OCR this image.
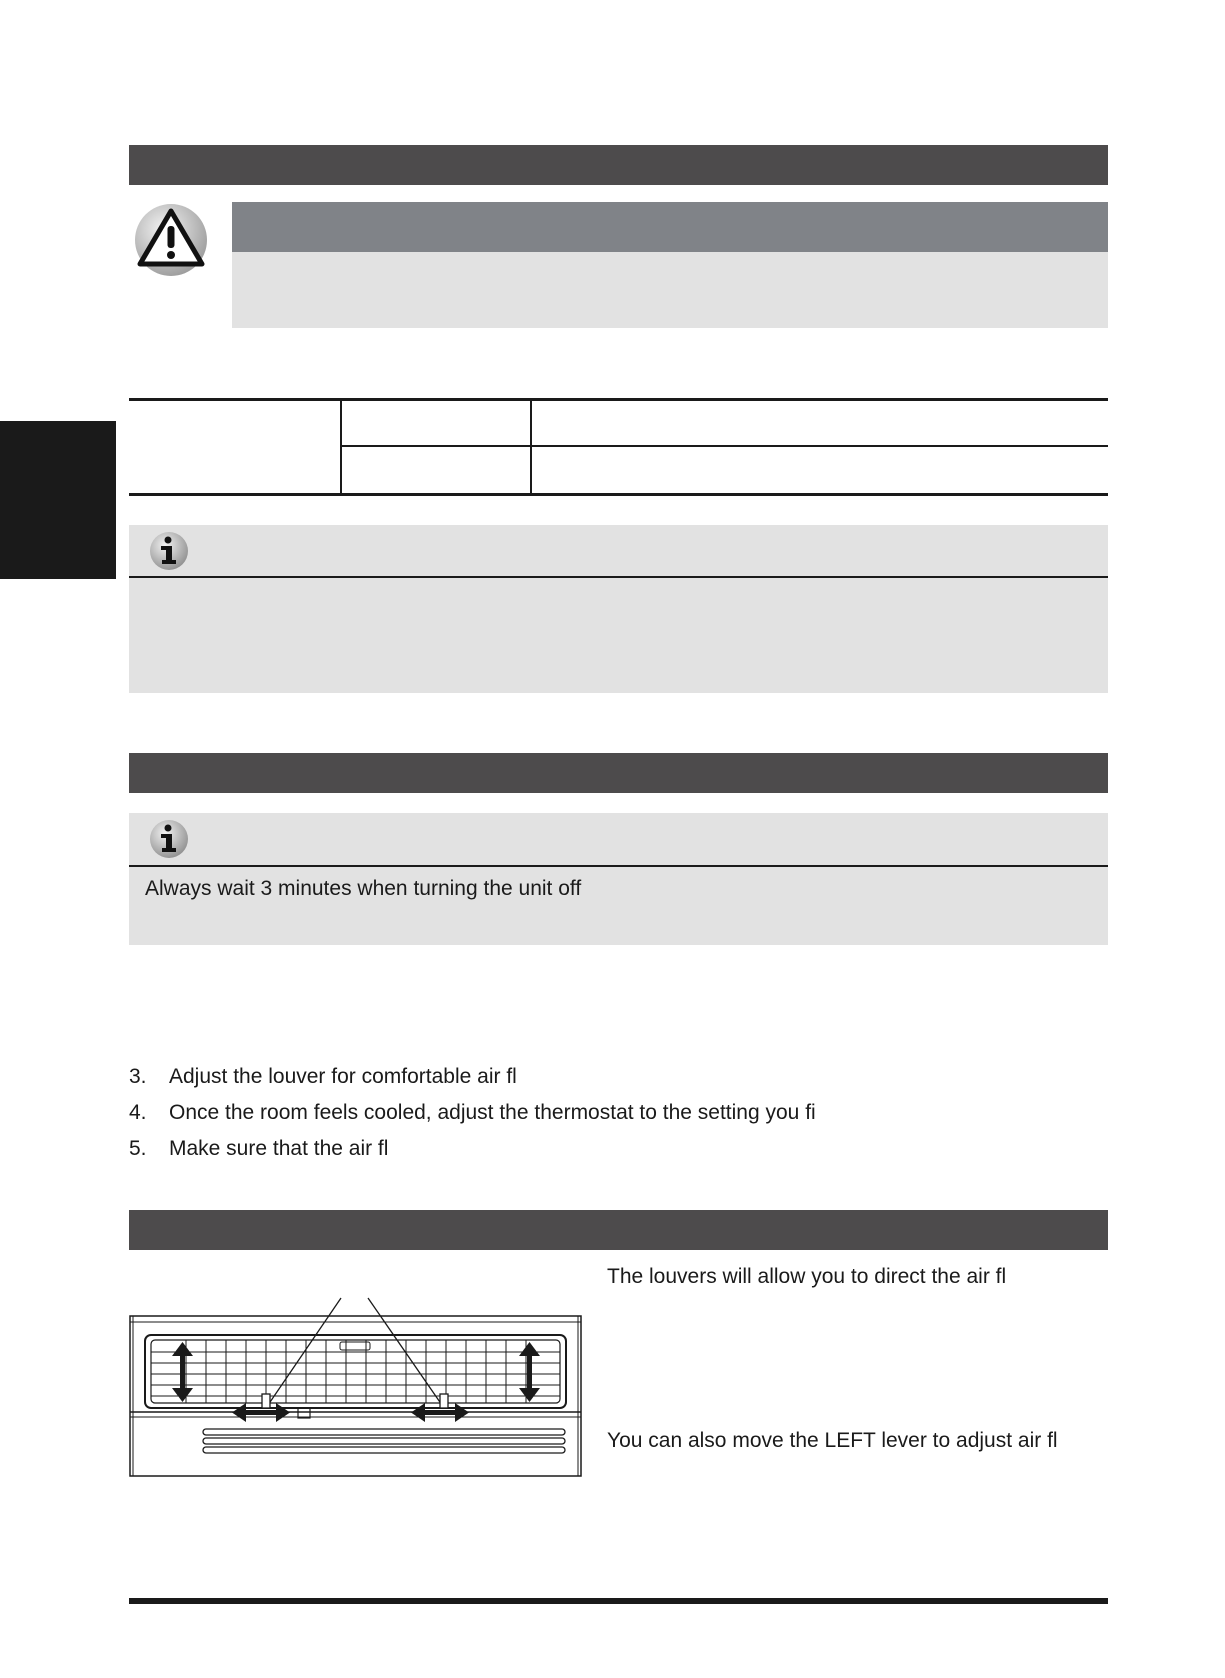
Always wait 3 minutes when turning the unit off
3. Adjust the louver for comfortable air fl
4. Once the room feels cooled, adjust the thermostat to the setting you fi
5. Make sure that the air fl
The louvers will allow you to direct the air fl
You can also move the LEFT lever to adjust air fl
